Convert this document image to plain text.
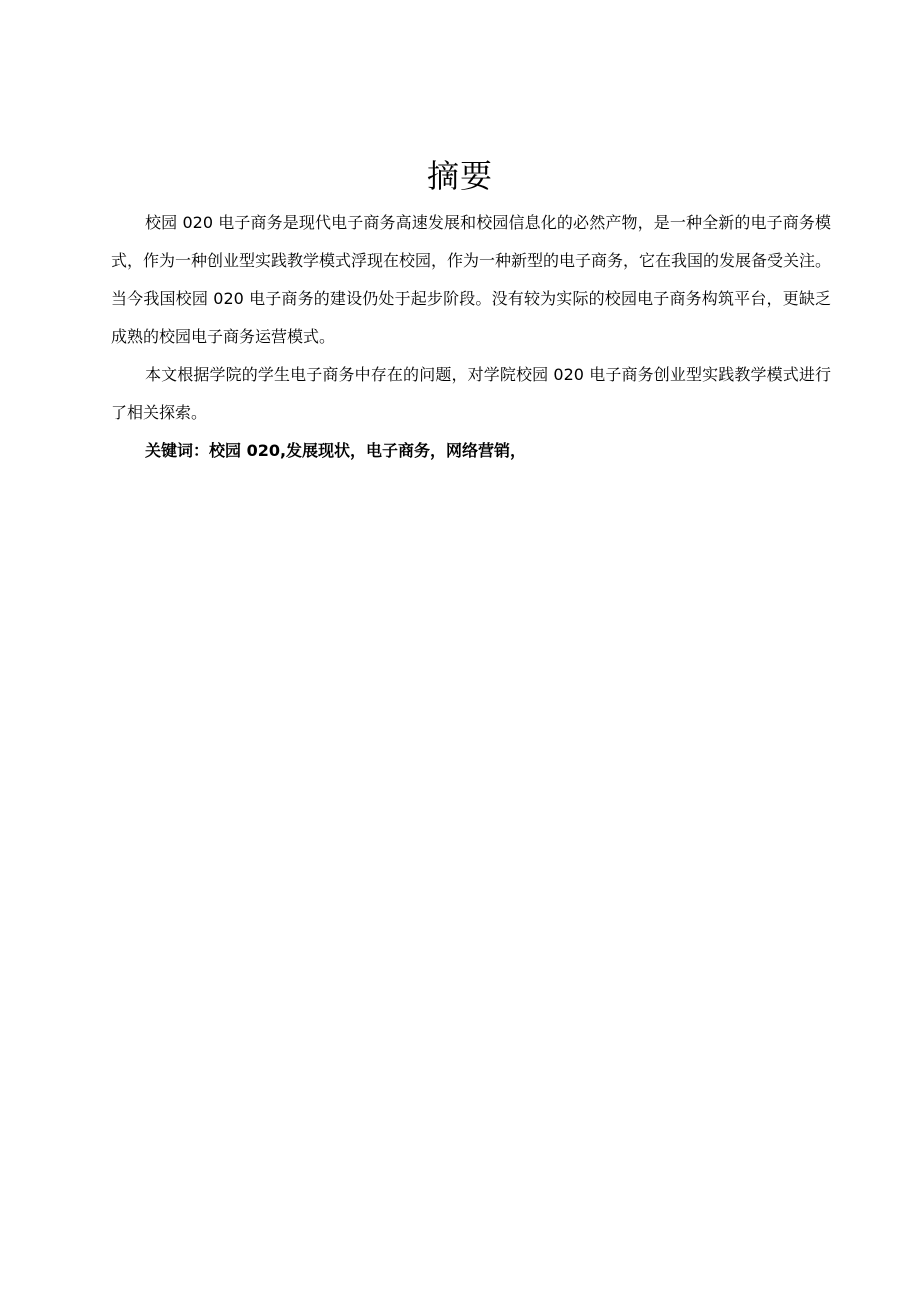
摘要

校园 020 电子商务是现代电子商务高速发展和校园信息化的必然产物，是一种全新的电子商务模式，作为一种创业型实践教学模式浮现在校园，作为一种新型的电子商务，它在我国的发展备受关注。当今我国校园 020 电子商务的建设仍处于起步阶段。没有较为实际的校园电子商务构筑平台，更缺乏成熟的校园电子商务运营模式。

本文根据学院的学生电子商务中存在的问题，对学院校园 020 电子商务创业型实践教学模式进行了相关探索。

关键词：校园 020,发展现状，电子商务，网络营销，
